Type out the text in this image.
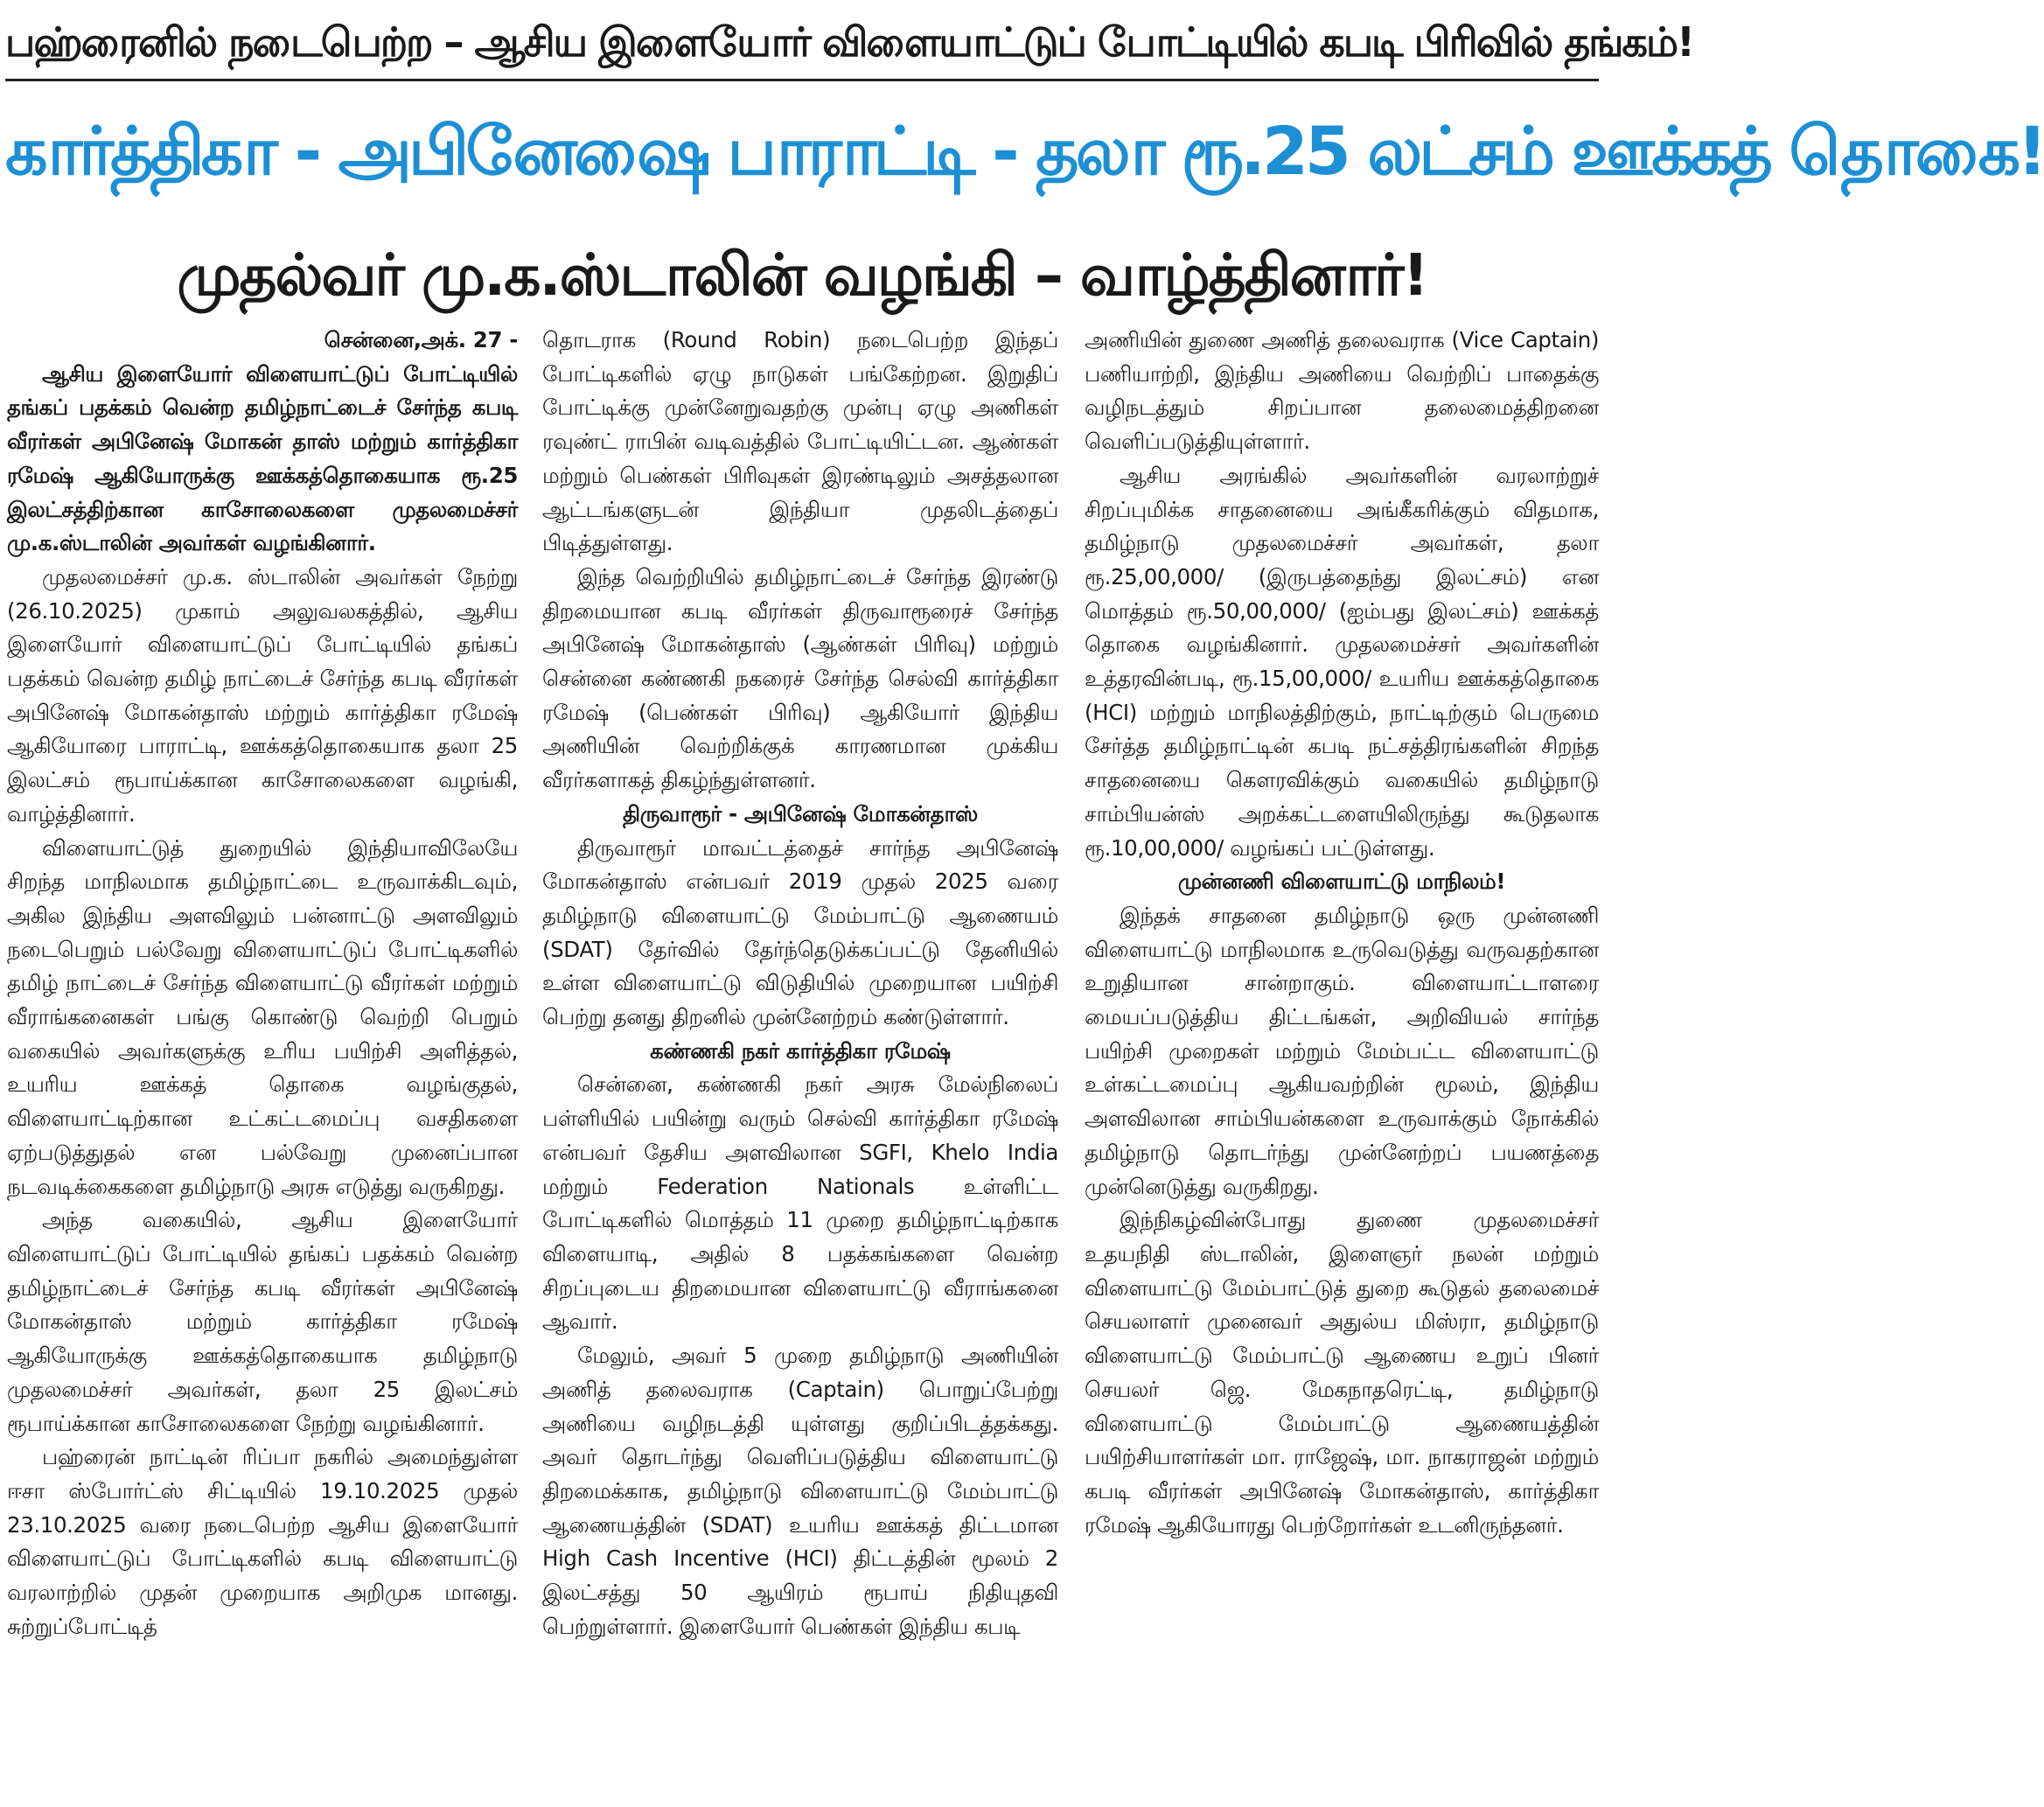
பஹ்ரைனில் நடைபெற்ற – ஆசிய இளையோர் விளையாட்டுப் போட்டியில் கபடி பிரிவில் தங்கம்!
கார்த்திகா - அபினேஷை பாராட்டி - தலா ரூ.25 லட்சம் ஊக்கத் தொகை!
முதல்வர் மு.க.ஸ்டாலின் வழங்கி – வாழ்த்தினார்!

சென்னை,அக். 27 -

ஆசிய இளையோர் விளையாட்டுப் போட்டியில் தங்கப் பதக்கம் வென்ற தமிழ்நாட்டைச் சேர்ந்த கபடி வீரர்கள் அபினேஷ் மோகன் தாஸ் மற்றும் கார்த்திகா ரமேஷ் ஆகியோருக்கு ஊக்கத்தொகையாக ரூ.25 இலட்சத்திற்கான காசோலைகளை முதலமைச்சர் மு.க.ஸ்டாலின் அவர்கள் வழங்கினார்.

முதலமைச்சர் மு.க. ஸ்டாலின் அவர்கள் நேற்று (26.10.2025) முகாம் அலுவலகத்தில், ஆசிய இளையோர் விளையாட்டுப் போட்டியில் தங்கப் பதக்கம் வென்ற தமிழ் நாட்டைச் சேர்ந்த கபடி வீரர்கள் அபினேஷ் மோகன்தாஸ் மற்றும் கார்த்திகா ரமேஷ் ஆகியோரை பாராட்டி, ஊக்கத்தொகையாக தலா 25 இலட்சம் ரூபாய்க்கான காசோலைகளை வழங்கி, வாழ்த்தினார்.

விளையாட்டுத் துறையில் இந்தியாவிலேயே சிறந்த மாநிலமாக தமிழ்நாட்டை உருவாக்கிடவும், அகில இந்திய அளவிலும் பன்னாட்டு அளவிலும் நடைபெறும் பல்வேறு விளையாட்டுப் போட்டிகளில் தமிழ் நாட்டைச் சேர்ந்த விளையாட்டு வீரர்கள் மற்றும் வீராங்கனைகள் பங்கு கொண்டு வெற்றி பெறும் வகையில் அவர்களுக்கு உரிய பயிற்சி அளித்தல், உயரிய ஊக்கத் தொகை வழங்குதல், விளையாட்டிற்கான உட்கட்டமைப்பு வசதிகளை ஏற்படுத்துதல் என பல்வேறு முனைப்பான நடவடிக்கைகளை தமிழ்நாடு அரசு எடுத்து வருகிறது.

அந்த வகையில், ஆசிய இளையோர் விளையாட்டுப் போட்டியில் தங்கப் பதக்கம் வென்ற தமிழ்நாட்டைச் சேர்ந்த கபடி வீரர்கள் அபினேஷ் மோகன்தாஸ் மற்றும் கார்த்திகா ரமேஷ் ஆகியோருக்கு ஊக்கத்தொகையாக தமிழ்நாடு முதலமைச்சர் அவர்கள், தலா 25 இலட்சம் ரூபாய்க்கான காசோலைகளை நேற்று வழங்கினார்.

பஹ்ரைன் நாட்டின் ரிப்பா நகரில் அமைந்துள்ள ஈசா ஸ்போர்ட்ஸ் சிட்டியில் 19.10.2025 முதல் 23.10.2025 வரை நடைபெற்ற ஆசிய இளையோர் விளையாட்டுப் போட்டிகளில் கபடி விளையாட்டு வரலாற்றில் முதன் முறையாக அறிமுக மானது. சுற்றுப்போட்டித்

தொடராக (Round Robin) நடைபெற்ற இந்தப் போட்டிகளில் ஏழு நாடுகள் பங்கேற்றன. இறுதிப் போட்டிக்கு முன்னேறுவதற்கு முன்பு ஏழு அணிகள் ரவுண்ட் ராபின் வடிவத்தில் போட்டியிட்டன. ஆண்கள் மற்றும் பெண்கள் பிரிவுகள் இரண்டிலும் அசத்தலான ஆட்டங்களுடன் இந்தியா முதலிடத்தைப் பிடித்துள்ளது.

இந்த வெற்றியில் தமிழ்நாட்டைச் சேர்ந்த இரண்டு திறமையான கபடி வீரர்கள் திருவாரூரைச் சேர்ந்த அபினேஷ் மோகன்தாஸ் (ஆண்கள் பிரிவு) மற்றும் சென்னை கண்ணகி நகரைச் சேர்ந்த செல்வி கார்த்திகா ரமேஷ் (பெண்கள் பிரிவு) ஆகியோர் இந்திய அணியின் வெற்றிக்குக் காரணமான முக்கிய வீரர்களாகத் திகழ்ந்துள்ளனர்.

திருவாரூர் - அபினேஷ் மோகன்தாஸ்

திருவாரூர் மாவட்டத்தைச் சார்ந்த அபினேஷ் மோகன்தாஸ் என்பவர் 2019 முதல் 2025 வரை தமிழ்நாடு விளையாட்டு மேம்பாட்டு ஆணையம் (SDAT) தேர்வில் தேர்ந்தெடுக்கப்பட்டு தேனியில் உள்ள விளையாட்டு விடுதியில் முறையான பயிற்சி பெற்று தனது திறனில் முன்னேற்றம் கண்டுள்ளார்.

கண்ணகி நகர் கார்த்திகா ரமேஷ்

சென்னை, கண்ணகி நகர் அரசு மேல்நிலைப் பள்ளியில் பயின்று வரும் செல்வி கார்த்திகா ரமேஷ் என்பவர் தேசிய அளவிலான SGFI, Khelo India மற்றும் Federation Nationals உள்ளிட்ட போட்டிகளில் மொத்தம் 11 முறை தமிழ்நாட்டிற்காக விளையாடி, அதில் 8 பதக்கங்களை வென்ற சிறப்புடைய திறமையான விளையாட்டு வீராங்கனை ஆவார்.

மேலும், அவர் 5 முறை தமிழ்நாடு அணியின் அணித் தலைவராக (Captain) பொறுப்பேற்று அணியை வழிநடத்தி யுள்ளது குறிப்பிடத்தக்கது. அவர் தொடர்ந்து வெளிப்படுத்திய விளையாட்டு திறமைக்காக, தமிழ்நாடு விளையாட்டு மேம்பாட்டு ஆணையத்தின் (SDAT) உயரிய ஊக்கத் திட்டமான High Cash Incentive (HCI) திட்டத்தின் மூலம் 2 இலட்சத்து 50 ஆயிரம் ரூபாய் நிதியுதவி பெற்றுள்ளார். இளையோர் பெண்கள் இந்திய கபடி

அணியின் துணை அணித் தலைவராக (Vice Captain) பணியாற்றி, இந்திய அணியை வெற்றிப் பாதைக்கு வழிநடத்தும் சிறப்பான தலைமைத்திறனை வெளிப்படுத்தியுள்ளார்.

ஆசிய அரங்கில் அவர்களின் வரலாற்றுச் சிறப்புமிக்க சாதனையை அங்கீகரிக்கும் விதமாக, தமிழ்நாடு முதலமைச்சர் அவர்கள், தலா ரூ.25,00,000/ (இருபத்தைந்து இலட்சம்) என மொத்தம் ரூ.50,00,000/ (ஐம்பது இலட்சம்) ஊக்கத் தொகை வழங்கினார். முதலமைச்சர் அவர்களின் உத்தரவின்படி, ரூ.15,00,000/ உயரிய ஊக்கத்தொகை (HCI) மற்றும் மாநிலத்திற்கும், நாட்டிற்கும் பெருமை சேர்த்த தமிழ்நாட்டின் கபடி நட்சத்திரங்களின் சிறந்த சாதனையை கௌரவிக்கும் வகையில் தமிழ்நாடு சாம்பியன்ஸ் அறக்கட்டளையிலிருந்து கூடுதலாக ரூ.10,00,000/ வழங்கப் பட்டுள்ளது.

முன்னணி விளையாட்டு மாநிலம்!

இந்தக் சாதனை தமிழ்நாடு ஒரு முன்னணி விளையாட்டு மாநிலமாக உருவெடுத்து வருவதற்கான உறுதியான சான்றாகும். விளையாட்டாளரை மையப்படுத்திய திட்டங்கள், அறிவியல் சார்ந்த பயிற்சி முறைகள் மற்றும் மேம்பட்ட விளையாட்டு உள்கட்டமைப்பு ஆகியவற்றின் மூலம், இந்திய அளவிலான சாம்பியன்களை உருவாக்கும் நோக்கில் தமிழ்நாடு தொடர்ந்து முன்னேற்றப் பயணத்தை முன்னெடுத்து வருகிறது.

இந்நிகழ்வின்போது துணை முதலமைச்சர் உதயநிதி ஸ்டாலின், இளைஞர் நலன் மற்றும் விளையாட்டு மேம்பாட்டுத் துறை கூடுதல் தலைமைச் செயலாளர் முனைவர் அதுல்ய மிஸ்ரா, தமிழ்நாடு விளையாட்டு மேம்பாட்டு ஆணைய உறுப் பினர் செயலர் ஜெ. மேகநாதரெட்டி, தமிழ்நாடு விளையாட்டு மேம்பாட்டு ஆணையத்தின் பயிற்சியாளர்கள் மா. ராஜேஷ், மா. நாகராஜன் மற்றும் கபடி வீரர்கள் அபினேஷ் மோகன்தாஸ், கார்த்திகா ரமேஷ் ஆகியோரது பெற்றோர்கள் உடனிருந்தனர்.
